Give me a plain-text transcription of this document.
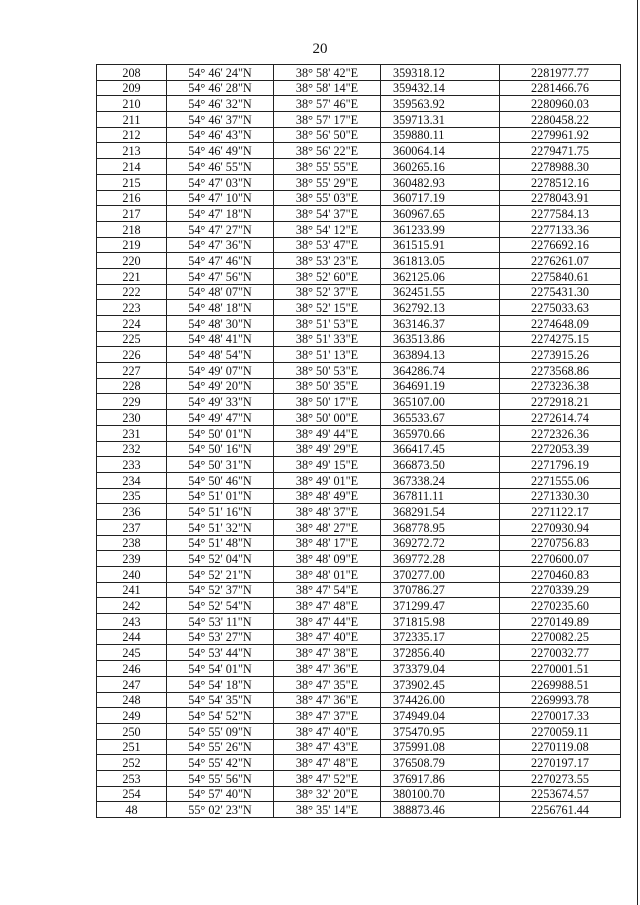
20
208	54° 46' 24"N	38° 58' 42"E	359318.12	2281977.77
209	54° 46' 28"N	38° 58' 14"E	359432.14	2281466.76
210	54° 46' 32"N	38° 57' 46"E	359563.92	2280960.03
211	54° 46' 37"N	38° 57' 17"E	359713.31	2280458.22
212	54° 46' 43"N	38° 56' 50"E	359880.11	2279961.92
213	54° 46' 49"N	38° 56' 22"E	360064.14	2279471.75
214	54° 46' 55"N	38° 55' 55"E	360265.16	2278988.30
215	54° 47' 03"N	38° 55' 29"E	360482.93	2278512.16
216	54° 47' 10"N	38° 55' 03"E	360717.19	2278043.91
217	54° 47' 18"N	38° 54' 37"E	360967.65	2277584.13
218	54° 47' 27"N	38° 54' 12"E	361233.99	2277133.36
219	54° 47' 36"N	38° 53' 47"E	361515.91	2276692.16
220	54° 47' 46"N	38° 53' 23"E	361813.05	2276261.07
221	54° 47' 56"N	38° 52' 60"E	362125.06	2275840.61
222	54° 48' 07"N	38° 52' 37"E	362451.55	2275431.30
223	54° 48' 18"N	38° 52' 15"E	362792.13	2275033.63
224	54° 48' 30"N	38° 51' 53"E	363146.37	2274648.09
225	54° 48' 41"N	38° 51' 33"E	363513.86	2274275.15
226	54° 48' 54"N	38° 51' 13"E	363894.13	2273915.26
227	54° 49' 07"N	38° 50' 53"E	364286.74	2273568.86
228	54° 49' 20"N	38° 50' 35"E	364691.19	2273236.38
229	54° 49' 33"N	38° 50' 17"E	365107.00	2272918.21
230	54° 49' 47"N	38° 50' 00"E	365533.67	2272614.74
231	54° 50' 01"N	38° 49' 44"E	365970.66	2272326.36
232	54° 50' 16"N	38° 49' 29"E	366417.45	2272053.39
233	54° 50' 31"N	38° 49' 15"E	366873.50	2271796.19
234	54° 50' 46"N	38° 49' 01"E	367338.24	2271555.06
235	54° 51' 01"N	38° 48' 49"E	367811.11	2271330.30
236	54° 51' 16"N	38° 48' 37"E	368291.54	2271122.17
237	54° 51' 32"N	38° 48' 27"E	368778.95	2270930.94
238	54° 51' 48"N	38° 48' 17"E	369272.72	2270756.83
239	54° 52' 04"N	38° 48' 09"E	369772.28	2270600.07
240	54° 52' 21"N	38° 48' 01"E	370277.00	2270460.83
241	54° 52' 37"N	38° 47' 54"E	370786.27	2270339.29
242	54° 52' 54"N	38° 47' 48"E	371299.47	2270235.60
243	54° 53' 11"N	38° 47' 44"E	371815.98	2270149.89
244	54° 53' 27"N	38° 47' 40"E	372335.17	2270082.25
245	54° 53' 44"N	38° 47' 38"E	372856.40	2270032.77
246	54° 54' 01"N	38° 47' 36"E	373379.04	2270001.51
247	54° 54' 18"N	38° 47' 35"E	373902.45	2269988.51
248	54° 54' 35"N	38° 47' 36"E	374426.00	2269993.78
249	54° 54' 52"N	38° 47' 37"E	374949.04	2270017.33
250	54° 55' 09"N	38° 47' 40"E	375470.95	2270059.11
251	54° 55' 26"N	38° 47' 43"E	375991.08	2270119.08
252	54° 55' 42"N	38° 47' 48"E	376508.79	2270197.17
253	54° 55' 56"N	38° 47' 52"E	376917.86	2270273.55
254	54° 57' 40"N	38° 32' 20"E	380100.70	2253674.57
48	55° 02' 23"N	38° 35' 14"E	388873.46	2256761.44
